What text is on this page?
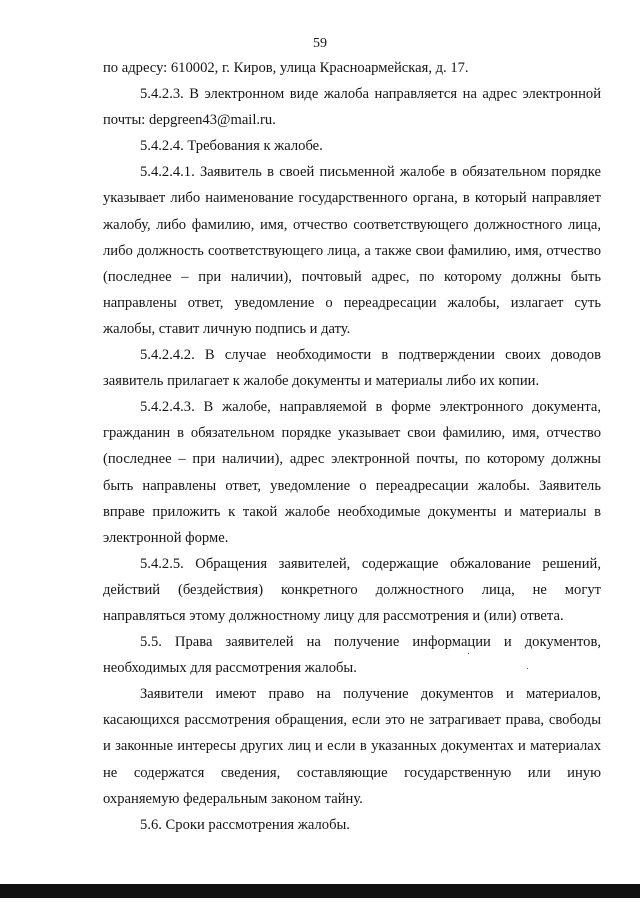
59

по адресу: 610002, г. Киров, улица Красноармейская, д. 17.

5.4.2.3. В электронном виде жалоба направляется на адрес электронной почты: depgreen43@mail.ru.

5.4.2.4. Требования к жалобе.

5.4.2.4.1. Заявитель в своей письменной жалобе в обязательном порядке указывает либо наименование государственного органа, в который направляет жалобу, либо фамилию, имя, отчество соответствующего должностного лица, либо должность соответствующего лица, а также свои фамилию, имя, отчество (последнее – при наличии), почтовый адрес, по которому должны быть направлены ответ, уведомление о переадресации жалобы, излагает суть жалобы, ставит личную подпись и дату.

5.4.2.4.2. В случае необходимости в подтверждении своих доводов заявитель прилагает к жалобе документы и материалы либо их копии.

5.4.2.4.3. В жалобе, направляемой в форме электронного документа, гражданин в обязательном порядке указывает свои фамилию, имя, отчество (последнее – при наличии), адрес электронной почты, по которому должны быть направлены ответ, уведомление о переадресации жалобы. Заявитель вправе приложить к такой жалобе необходимые документы и материалы в электронной форме.

5.4.2.5. Обращения заявителей, содержащие обжалование решений, действий (бездействия) конкретного должностного лица, не могут направляться этому должностному лицу для рассмотрения и (или) ответа.

5.5. Права заявителей на получение информации и документов, необходимых для рассмотрения жалобы.

Заявители имеют право на получение документов и материалов, касающихся рассмотрения обращения, если это не затрагивает права, свободы и законные интересы других лиц и если в указанных документах и материалах не содержатся сведения, составляющие государственную или иную охраняемую федеральным законом тайну.

5.6. Сроки рассмотрения жалобы.
